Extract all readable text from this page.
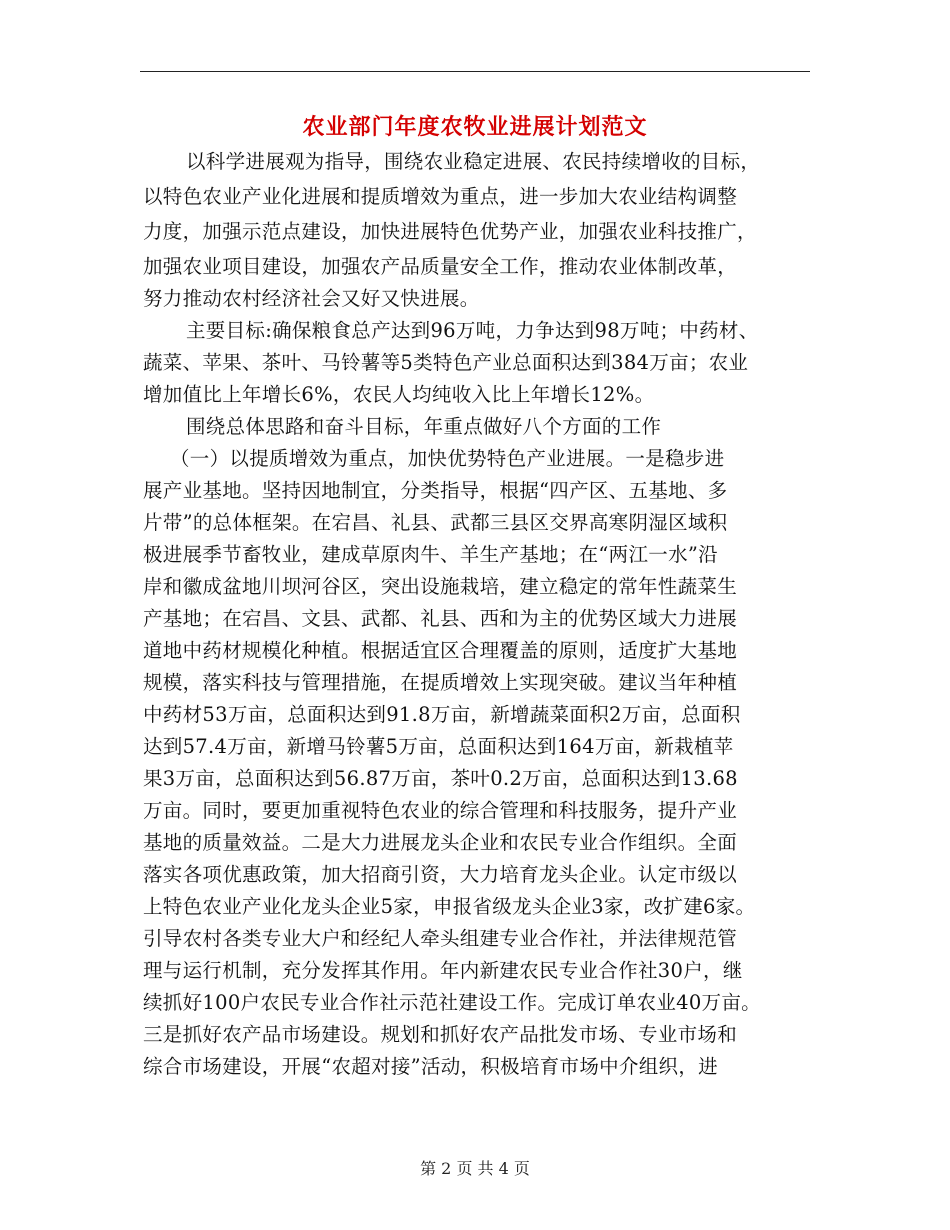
农业部门年度农牧业进展计划范文
以科学进展观为指导，围绕农业稳定进展、农民持续增收的目标，
以特色农业产业化进展和提质增效为重点，进一步加大农业结构调整
力度，加强示范点建设，加快进展特色优势产业，加强农业科技推广，
加强农业项目建设，加强农产品质量安全工作，推动农业体制改革，
努力推动农村经济社会又好又快进展。
主要目标:确保粮食总产达到96万吨，力争达到98万吨；中药材、
蔬菜、苹果、茶叶、马铃薯等5类特色产业总面积达到384万亩；农业
增加值比上年增长6%，农民人均纯收入比上年增长12%。
围绕总体思路和奋斗目标，年重点做好八个方面的工作
（一）以提质增效为重点，加快优势特色产业进展。一是稳步进
展产业基地。坚持因地制宜，分类指导，根据“四产区、五基地、多
片带”的总体框架。在宕昌、礼县、武都三县区交界高寒阴湿区域积
极进展季节畜牧业，建成草原肉牛、羊生产基地；在“两江一水”沿
岸和徽成盆地川坝河谷区，突出设施栽培，建立稳定的常年性蔬菜生
产基地；在宕昌、文县、武都、礼县、西和为主的优势区域大力进展
道地中药材规模化种植。根据适宜区合理覆盖的原则，适度扩大基地
规模，落实科技与管理措施，在提质增效上实现突破。建议当年种植
中药材53万亩，总面积达到91.8万亩，新增蔬菜面积2万亩，总面积
达到57.4万亩，新增马铃薯5万亩，总面积达到164万亩，新栽植苹
果3万亩，总面积达到56.87万亩，茶叶0.2万亩，总面积达到13.68
万亩。同时，要更加重视特色农业的综合管理和科技服务，提升产业
基地的质量效益。二是大力进展龙头企业和农民专业合作组织。全面
落实各项优惠政策，加大招商引资，大力培育龙头企业。认定市级以
上特色农业产业化龙头企业5家，申报省级龙头企业3家，改扩建6家。
引导农村各类专业大户和经纪人牵头组建专业合作社，并法律规范管
理与运行机制，充分发挥其作用。年内新建农民专业合作社30户，继
续抓好100户农民专业合作社示范社建设工作。完成订单农业40万亩。
三是抓好农产品市场建设。规划和抓好农产品批发市场、专业市场和
综合市场建设，开展“农超对接”活动，积极培育市场中介组织，进
第 2 页 共 4 页
